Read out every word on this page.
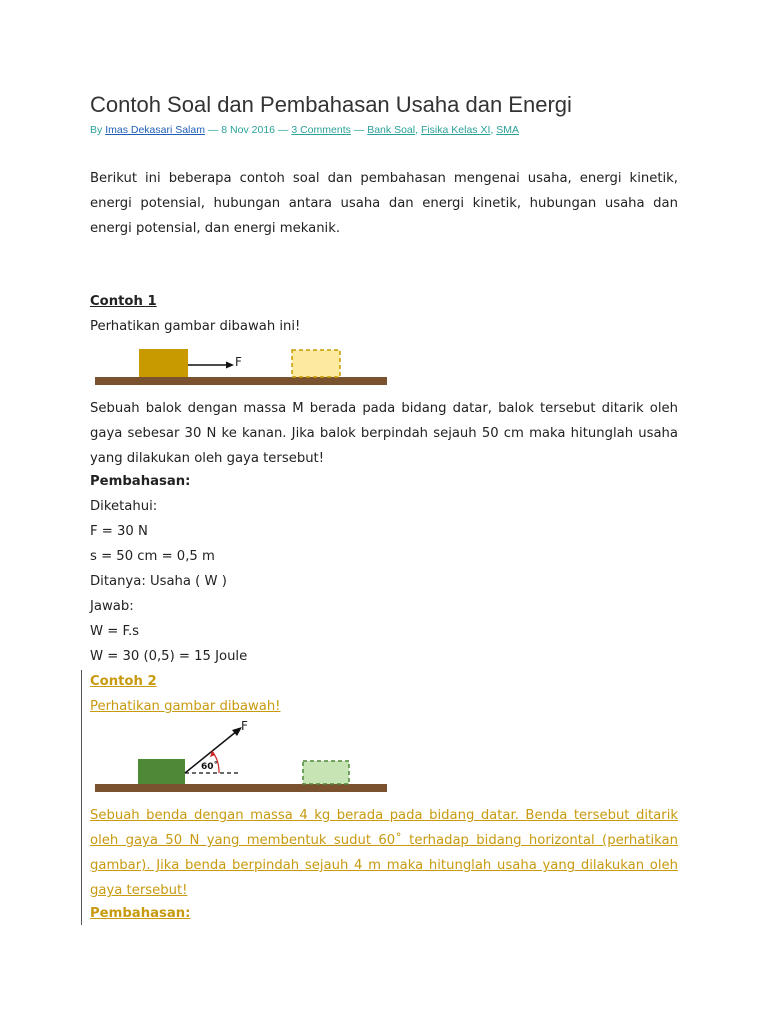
Contoh Soal dan Pembahasan Usaha dan Energi
By Imas Dekasari Salam — 8 Nov 2016 — 3 Comments — Bank Soal, Fisika Kelas XI, SMA
Berikut ini beberapa contoh soal dan pembahasan mengenai usaha, energi kinetik, energi potensial, hubungan antara usaha dan energi kinetik, hubungan usaha dan energi potensial, dan energi mekanik.
Contoh 1
Perhatikan gambar dibawah ini!
F
Sebuah balok dengan massa M berada pada bidang datar, balok tersebut ditarik oleh gaya sebesar 30 N ke kanan. Jika balok berpindah sejauh 50 cm maka hitunglah usaha yang dilakukan oleh gaya tersebut!
Pembahasan:
Diketahui:
F = 30 N
s = 50 cm = 0,5 m
Ditanya: Usaha ( W )
Jawab:
W = F.s
W = 30 (0,5) = 15 Joule
Contoh 2
Perhatikan gambar dibawah!
F
60˚
Sebuah benda dengan massa 4 kg berada pada bidang datar. Benda tersebut ditarik oleh gaya 50 N yang membentuk sudut 60˚ terhadap bidang horizontal (perhatikan gambar). Jika benda berpindah sejauh 4 m maka hitunglah usaha yang dilakukan oleh gaya tersebut!
Pembahasan:
